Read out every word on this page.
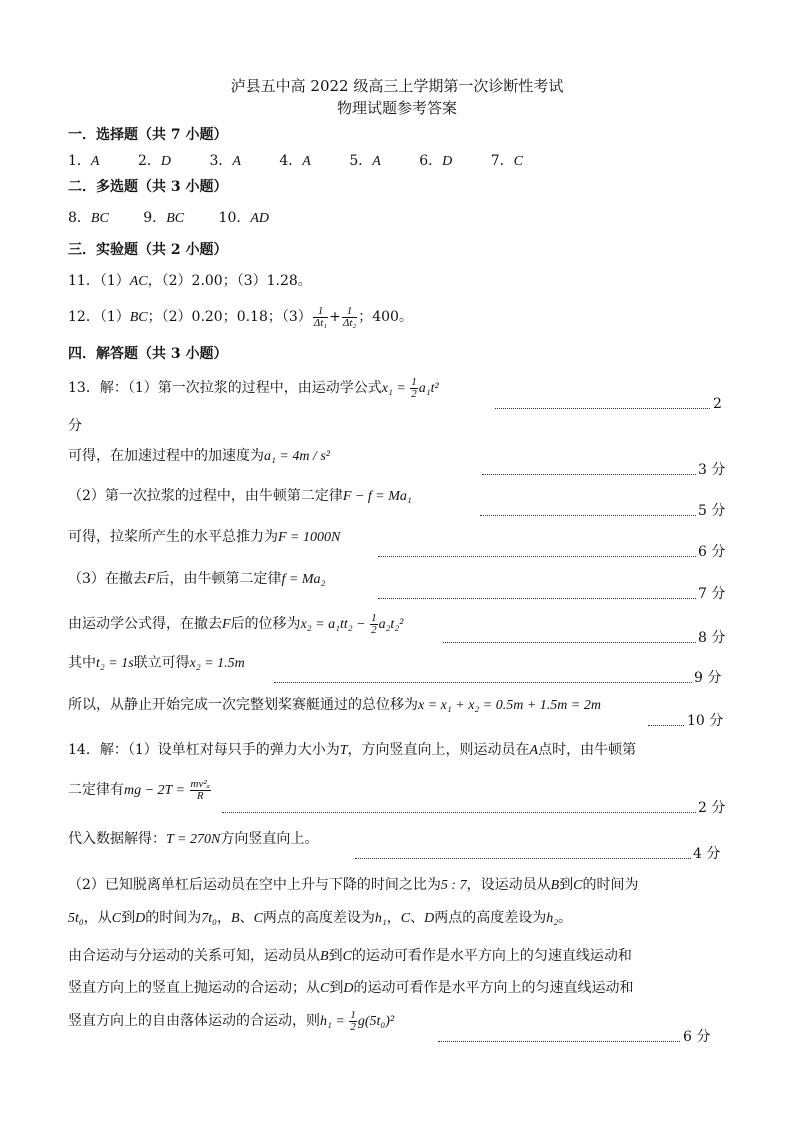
泸县五中高 2022 级高三上学期第一次诊断性考试
物理试题参考答案
一．选择题（共 7 小题）
1．A	2．D	3．A	4．A	5．A	6．D	7．C
二．多选题（共 3 小题）
8．BC 9．BC 10．AD
三．实验题（共 2 小题）
11．（1）AC，（2）2.00；（3）1.28。
12．（1）BC；（2）0.20；0.18；$(3) \frac{1}{\text{Δt₁}} + \frac{1}{\text{Δt₂}}$ ；400。
四．解答题（共 3 小题）
13．解：（1）第一次拉浆的过程中，由运动学公式$x_1 = \frac{1}{2} a_1t^2$
2
分
可得，在加速过程中的加速度为a₁ = 4m / s²
3 分
（2）第一次拉浆的过程中，由牛顿第二定律F − f = Ma₁
5 分
可得，拉桨所产生的水平总推力为F = 1000N
6 分
（3）在撤去F后，由牛顿第二定律f = Ma₂
7 分
由运动学公式得，在撤去F后的位移为$x_2 = a_1tt_2 - \frac{1}{2} a_2t_2^2$
8 分
其中t₂ = 1s联立可得x₂ = 1.5m
9 分
所以，从静止开始完成一次完整划桨赛艇通过的总位移为x = x₁ + x₂ = 0.5m + 1.5m = 2m
10 分
14．解：（1）设单杠对每只手的弹力大小为T，方向竖直向上，则运动员在A点时，由牛顿第
二定律有mg − $2T = \frac{\text{mv²ₐ}}{R}$
2 分
代入数据解得：T = 270N方向竖直向上。
4 分
（2）已知脱离单杠后运动员在空中上升与下降的时间之比为5 : 7，设运动员从B到C的时间为
5t₀，从C到D的时间为7t₀，B、C两点的高度差设为h₁，C、D两点的高度差设为h₂。
由合运动与分运动的关系可知，运动员从B到C的运动可看作是水平方向上的匀速直线运动和
竖直方向上的竖直上抛运动的合运动；从C到D的运动可看作是水平方向上的匀速直线运动和
竖直方向上的自由落体运动的合运动，则$h_1 = \frac{1}{2} g(5t_0)^2$
6 分
